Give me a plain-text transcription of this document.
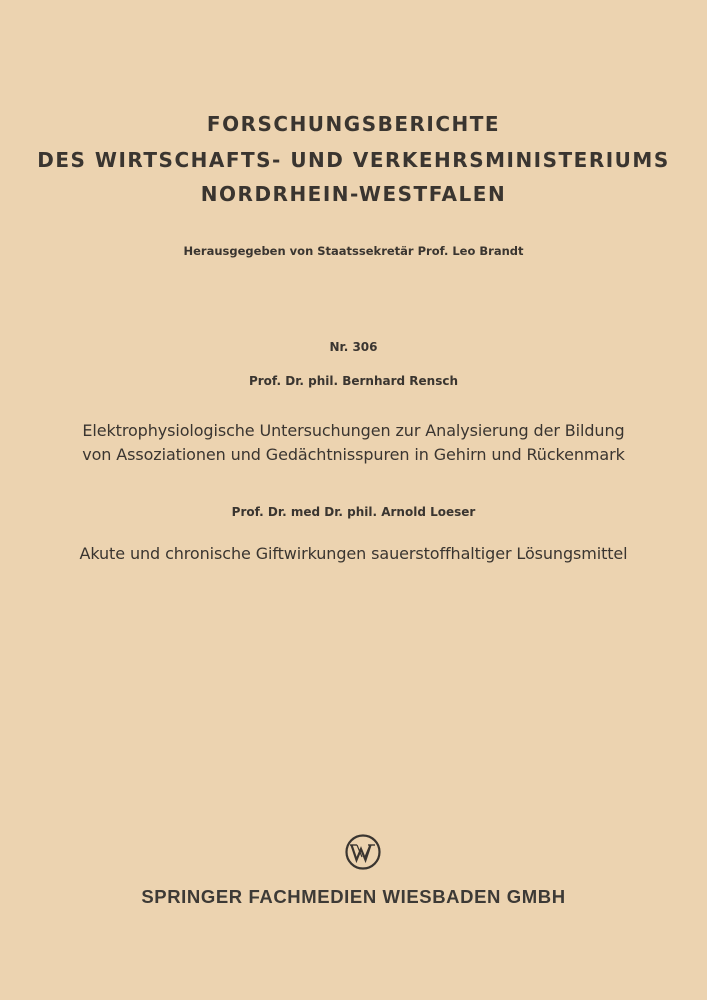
FORSCHUNGSBERICHTE
DES WIRTSCHAFTS- UND VERKEHRSMINISTERIUMS
NORDRHEIN-WESTFALEN
Herausgegeben von Staatssekretär Prof. Leo Brandt
Nr. 306
Prof. Dr. phil. Bernhard Rensch
Elektrophysiologische Untersuchungen zur Analysierung der Bildung
von Assoziationen und Gedächtnisspuren in Gehirn und Rückenmark
Prof. Dr. med Dr. phil. Arnold Loeser
Akute und chronische Giftwirkungen sauerstoffhaltiger Lösungsmittel
SPRINGER FACHMEDIEN WIESBADEN GMBH
